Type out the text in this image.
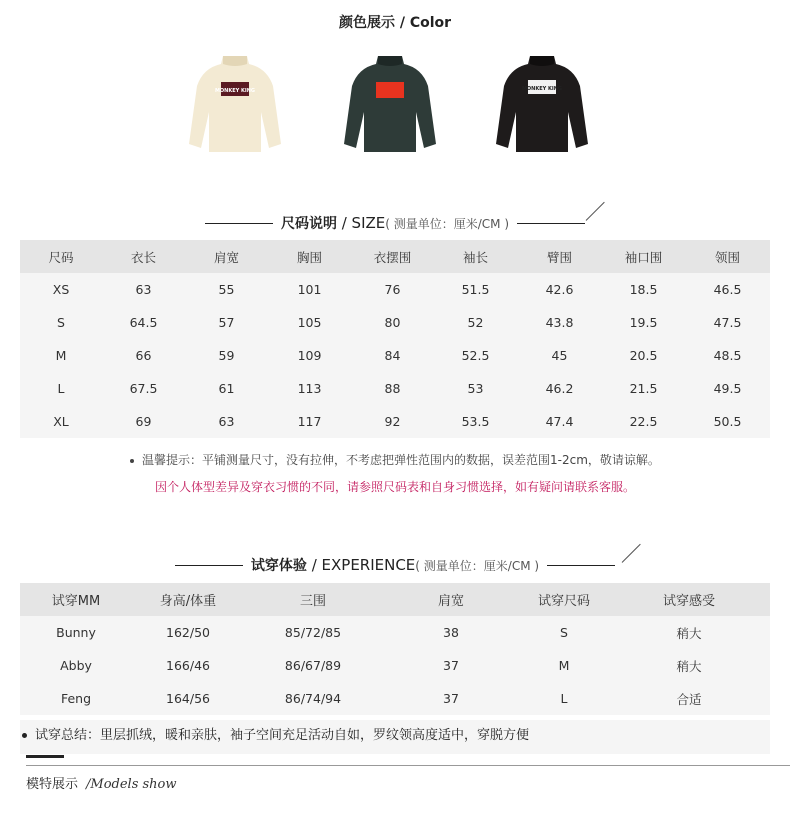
颜色展示 / Color
MONKEY KING	MONKEY KING
尺码说明 / SIZE( 测量单位：厘米/CM )
尺码	衣长	肩宽	胸围	衣摆围	袖长	臂围	袖口围	领围
XS	63	55	101	76	51.5	42.6	18.5	46.5
S	64.5	57	105	80	52	43.8	19.5	47.5
M	66	59	109	84	52.5	45	20.5	48.5
L	67.5	61	113	88	53	46.2	21.5	49.5
XL	69	63	117	92	53.5	47.4	22.5	50.5
温馨提示：平铺测量尺寸，没有拉伸，不考虑把弹性范围内的数据，误差范围1-2cm，敬请谅解。
因个人体型差异及穿衣习惯的不同，请参照尺码表和自身习惯选择，如有疑问请联系客服。
试穿体验 / EXPERIENCE( 测量单位：厘米/CM )
试穿MM	身高/体重	三围	肩宽	试穿尺码	试穿感受
Bunny	162/50	85/72/85	38	S	稍大
Abby	166/46	86/67/89	37	M	稍大
Feng	164/56	86/74/94	37	L	合适
试穿总结：里层抓绒，暖和亲肤，袖子空间充足活动自如，罗纹领高度适中，穿脱方便
模特展示 /Models show
